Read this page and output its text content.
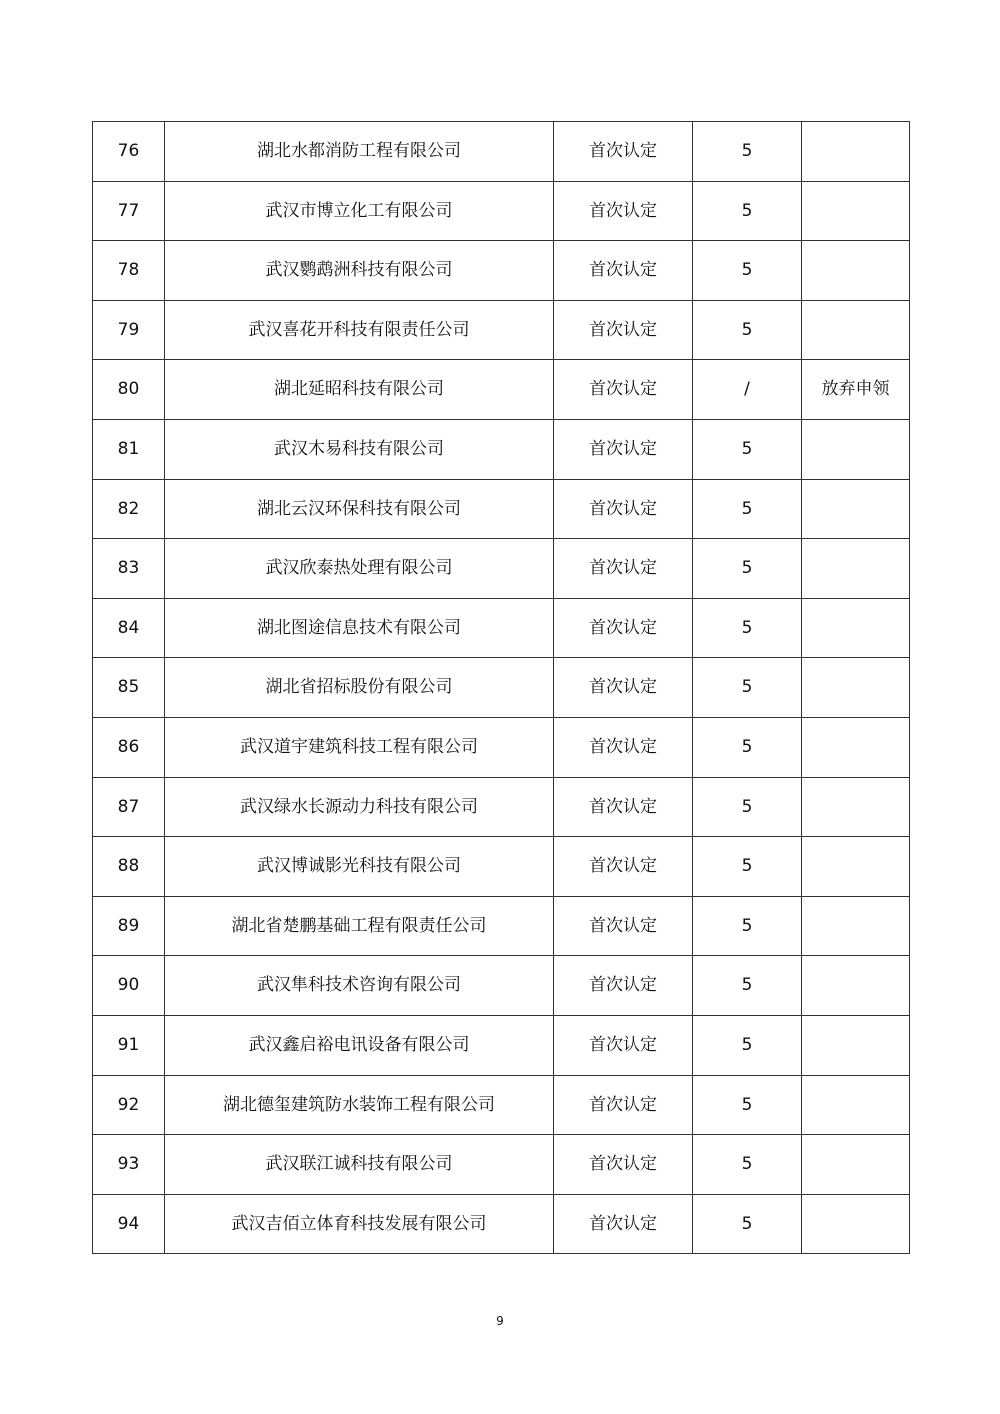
76	湖北水都消防工程有限公司	首次认定	5	
77	武汉市博立化工有限公司	首次认定	5	
78	武汉鹦鹉洲科技有限公司	首次认定	5	
79	武汉喜花开科技有限责任公司	首次认定	5	
80	湖北延昭科技有限公司	首次认定	/	放弃申领
81	武汉木易科技有限公司	首次认定	5	
82	湖北云汉环保科技有限公司	首次认定	5	
83	武汉欣泰热处理有限公司	首次认定	5	
84	湖北图途信息技术有限公司	首次认定	5	
85	湖北省招标股份有限公司	首次认定	5	
86	武汉道宇建筑科技工程有限公司	首次认定	5	
87	武汉绿水长源动力科技有限公司	首次认定	5	
88	武汉博诚影光科技有限公司	首次认定	5	
89	湖北省楚鹏基础工程有限责任公司	首次认定	5	
90	武汉隼科技术咨询有限公司	首次认定	5	
91	武汉鑫启裕电讯设备有限公司	首次认定	5	
92	湖北德玺建筑防水装饰工程有限公司	首次认定	5	
93	武汉联江诚科技有限公司	首次认定	5	
94	武汉吉佰立体育科技发展有限公司	首次认定	5	
9
